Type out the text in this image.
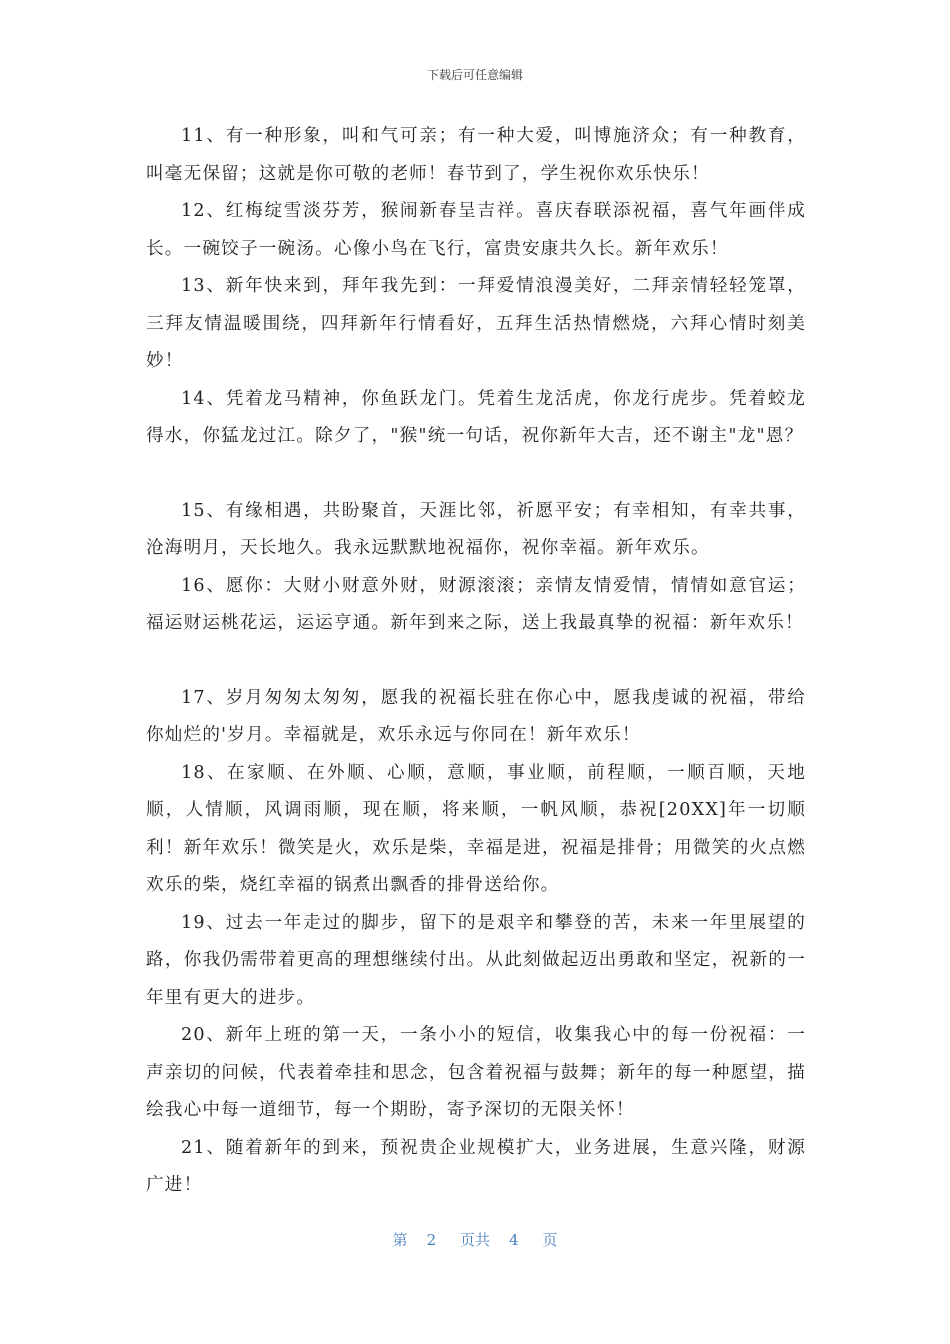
下载后可任意编辑

11、有一种形象，叫和气可亲；有一种大爱，叫博施济众；有一种教育，叫毫无保留；这就是你可敬的老师！春节到了，学生祝你欢乐快乐！

12、红梅绽雪淡芬芳，猴闹新春呈吉祥。喜庆春联添祝福，喜气年画伴成长。一碗饺子一碗汤。心像小鸟在飞行，富贵安康共久长。新年欢乐！

13、新年快来到，拜年我先到：一拜爱情浪漫美好，二拜亲情轻轻笼罩，三拜友情温暖围绕，四拜新年行情看好，五拜生活热情燃烧，六拜心情时刻美妙！

14、凭着龙马精神，你鱼跃龙门。凭着生龙活虎，你龙行虎步。凭着蛟龙得水，你猛龙过江。除夕了，"猴"统一句话，祝你新年大吉，还不谢主"龙"恩？

15、有缘相遇，共盼聚首，天涯比邻，祈愿平安；有幸相知，有幸共事，沧海明月，天长地久。我永远默默地祝福你，祝你幸福。新年欢乐。

16、愿你：大财小财意外财，财源滚滚；亲情友情爱情，情情如意官运；福运财运桃花运，运运亨通。新年到来之际，送上我最真挚的祝福：新年欢乐！

17、岁月匆匆太匆匆，愿我的祝福长驻在你心中，愿我虔诚的祝福，带给你灿烂的'岁月。幸福就是，欢乐永远与你同在！新年欢乐！

18、在家顺、在外顺、心顺，意顺，事业顺，前程顺，一顺百顺，天地顺，人情顺，风调雨顺，现在顺，将来顺，一帆风顺，恭祝[20XX]年一切顺利！新年欢乐！微笑是火，欢乐是柴，幸福是进，祝福是排骨；用微笑的火点燃欢乐的柴，烧红幸福的锅煮出飘香的排骨送给你。

19、过去一年走过的脚步，留下的是艰辛和攀登的苦，未来一年里展望的路，你我仍需带着更高的理想继续付出。从此刻做起迈出勇敢和坚定，祝新的一年里有更大的进步。

20、新年上班的第一天，一条小小的短信，收集我心中的每一份祝福：一声亲切的问候，代表着牵挂和思念，包含着祝福与鼓舞；新年的每一种愿望，描绘我心中每一道细节，每一个期盼，寄予深切的无限关怀！

21、随着新年的到来，预祝贵企业规模扩大，业务进展，生意兴隆，财源广进！

第 2 页共 4 页
